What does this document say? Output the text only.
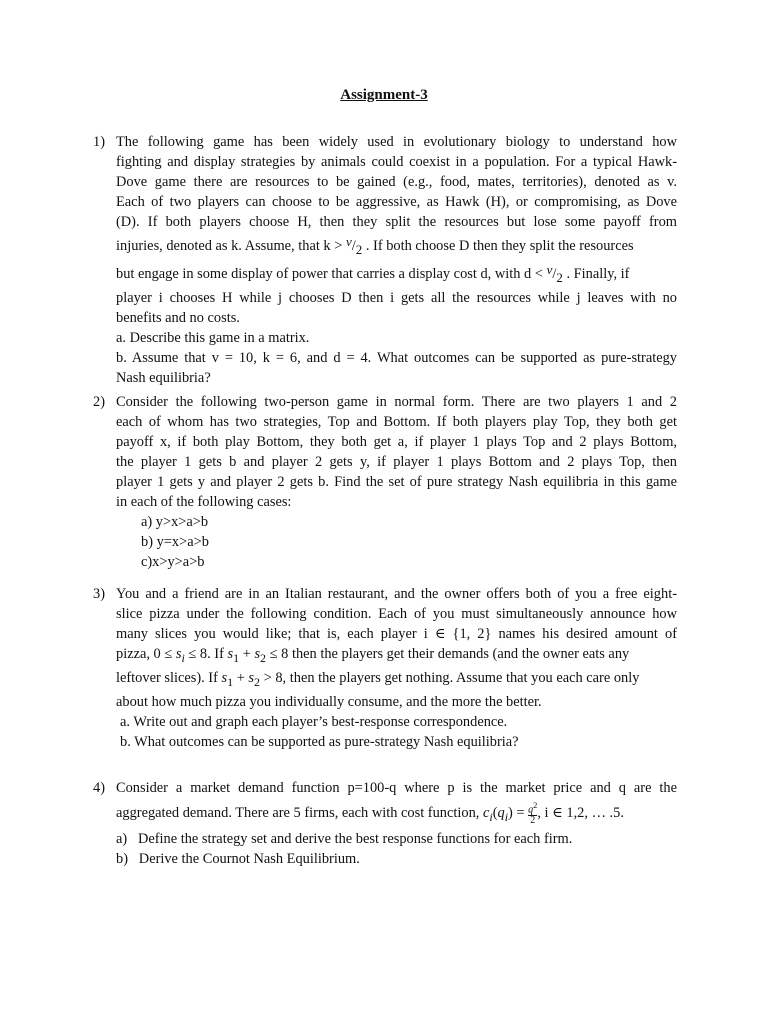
Assignment-3
1) The following game has been widely used in evolutionary biology to understand how
fighting and display strategies by animals could coexist in a population. For a typical Hawk-
Dove game there are resources to be gained (e.g., food, mates, territories), denoted as v.
Each of two players can choose to be aggressive, as Hawk (H), or compromising, as Dove
(D). If both players choose H, then they split the resources but lose some payoff from
injuries, denoted as k. Assume, that k > v/2 . If both choose D then they split the resources
but engage in some display of power that carries a display cost d, with d < v/2 . Finally, if
player i chooses H while j chooses D then i gets all the resources while j leaves with no
benefits and no costs.
a. Describe this game in a matrix.
b. Assume that v = 10, k = 6, and d = 4. What outcomes can be supported as pure-strategy
Nash equilibria?
2) Consider the following two-person game in normal form. There are two players 1 and 2
each of whom has two strategies, Top and Bottom. If both players play Top, they both get
payoff x, if both play Bottom, they both get a, if player 1 plays Top and 2 plays Bottom,
the player 1 gets b and player 2 gets y, if player 1 plays Bottom and 2 plays Top, then
player 1 gets y and player 2 gets b. Find the set of pure strategy Nash equilibria in this game
in each of the following cases:
a) y>x>a>b
b) y=x>a>b
c)x>y>a>b
3) You and a friend are in an Italian restaurant, and the owner offers both of you a free eight-
slice pizza under the following condition. Each of you must simultaneously announce how
many slices you would like; that is, each player i ∈ {1, 2} names his desired amount of
pizza, $0 \le s_i \le 8$. If $s_1 + s_2 \le 8$ then the players get their demands (and the owner eats any
leftover slices). If $s_1 + s_2 > 8$, then the players get nothing. Assume that you each care only
about how much pizza you individually consume, and the more the better.
a. Write out and graph each player’s best-response correspondence.
b. What outcomes can be supported as pure-strategy Nash equilibria?
4) Consider a market demand function p=100-q where p is the market price and q are the
aggregated demand. There are 5 firms, each with cost function, $c_i(q_i) = \frac{q^2}{2}$ , i ∈ 1,2, … .5.
a) Define the strategy set and derive the best response functions for each firm.
b) Derive the Cournot Nash Equilibrium.
